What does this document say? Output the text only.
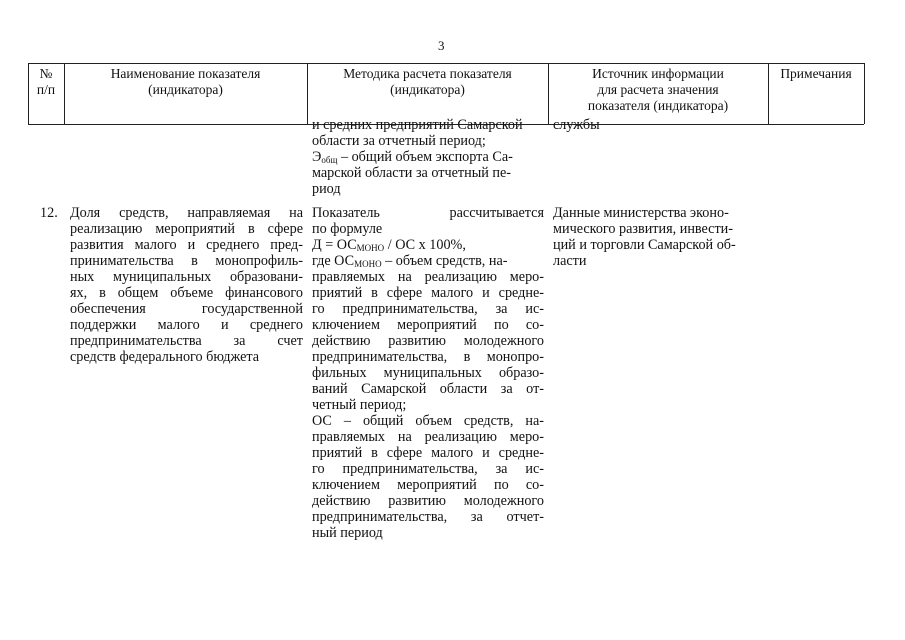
3
№
п/п
Наименование показателя
(индикатора)
Методика расчета показателя
(индикатора)
Источник информации
для расчета значения
показателя (индикатора)
Примечания
и средних предприятий Самарской
области за отчетный период;
$Э_{общ}$ – общий объем экспорта Са-
марской области за отчетный пе-
риод
службы
12. Доля средств, направляемая на
реализацию мероприятий в сфере
развития малого и среднего пред-
принимательства в монопрофиль-
ных муниципальных образовани-
ях, в общем объеме финансового
обеспечения государственной
поддержки малого и среднего
предпринимательства за счет
средств федерального бюджета
Показатель рассчитывается
по формуле
$Д = ОС_{МОНО}$ / ОС х 100%,
где $ОС_{МОНО}$ – объем средств, на-
правляемых на реализацию меро-
приятий в сфере малого и средне-
го предпринимательства, за ис-
ключением мероприятий по со-
действию развитию молодежного
предпринимательства, в монопро-
фильных муниципальных образо-
ваний Самарской области за от-
четный период;
ОС – общий объем средств, на-
правляемых на реализацию меро-
приятий в сфере малого и средне-
го предпринимательства, за ис-
ключением мероприятий по со-
действию развитию молодежного
предпринимательства, за отчет-
ный период
Данные министерства эконо-
мического развития, инвести-
ций и торговли Самарской об-
ласти
